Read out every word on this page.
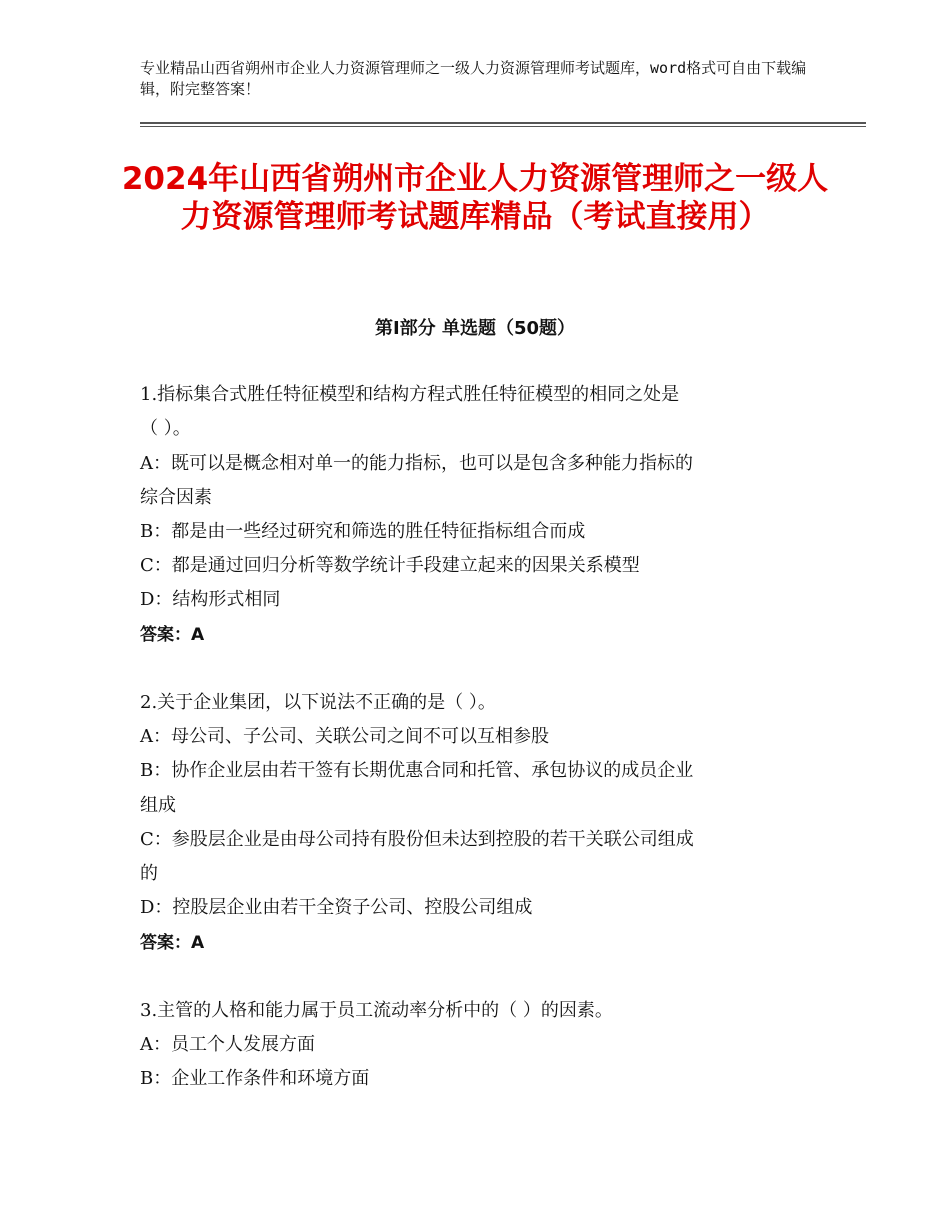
专业精品山西省朔州市企业人力资源管理师之一级人力资源管理师考试题库，word格式可自由下载编辑，附完整答案！
2024年山西省朔州市企业人力资源管理师之一级人力资源管理师考试题库精品（考试直接用）
第Ⅰ部分 单选题（50题）
1.指标集合式胜任特征模型和结构方程式胜任特征模型的相同之处是
（ ）。
A：既可以是概念相对单一的能力指标，也可以是包含多种能力指标的
综合因素
B：都是由一些经过研究和筛选的胜任特征指标组合而成
C：都是通过回归分析等数学统计手段建立起来的因果关系模型
D：结构形式相同
答案：A
2.关于企业集团，以下说法不正确的是（ ）。
A：母公司、子公司、关联公司之间不可以互相参股
B：协作企业层由若干签有长期优惠合同和托管、承包协议的成员企业
组成
C：参股层企业是由母公司持有股份但未达到控股的若干关联公司组成
的
D：控股层企业由若干全资子公司、控股公司组成
答案：A
3.主管的人格和能力属于员工流动率分析中的（ ）的因素。
A：员工个人发展方面
B：企业工作条件和环境方面
